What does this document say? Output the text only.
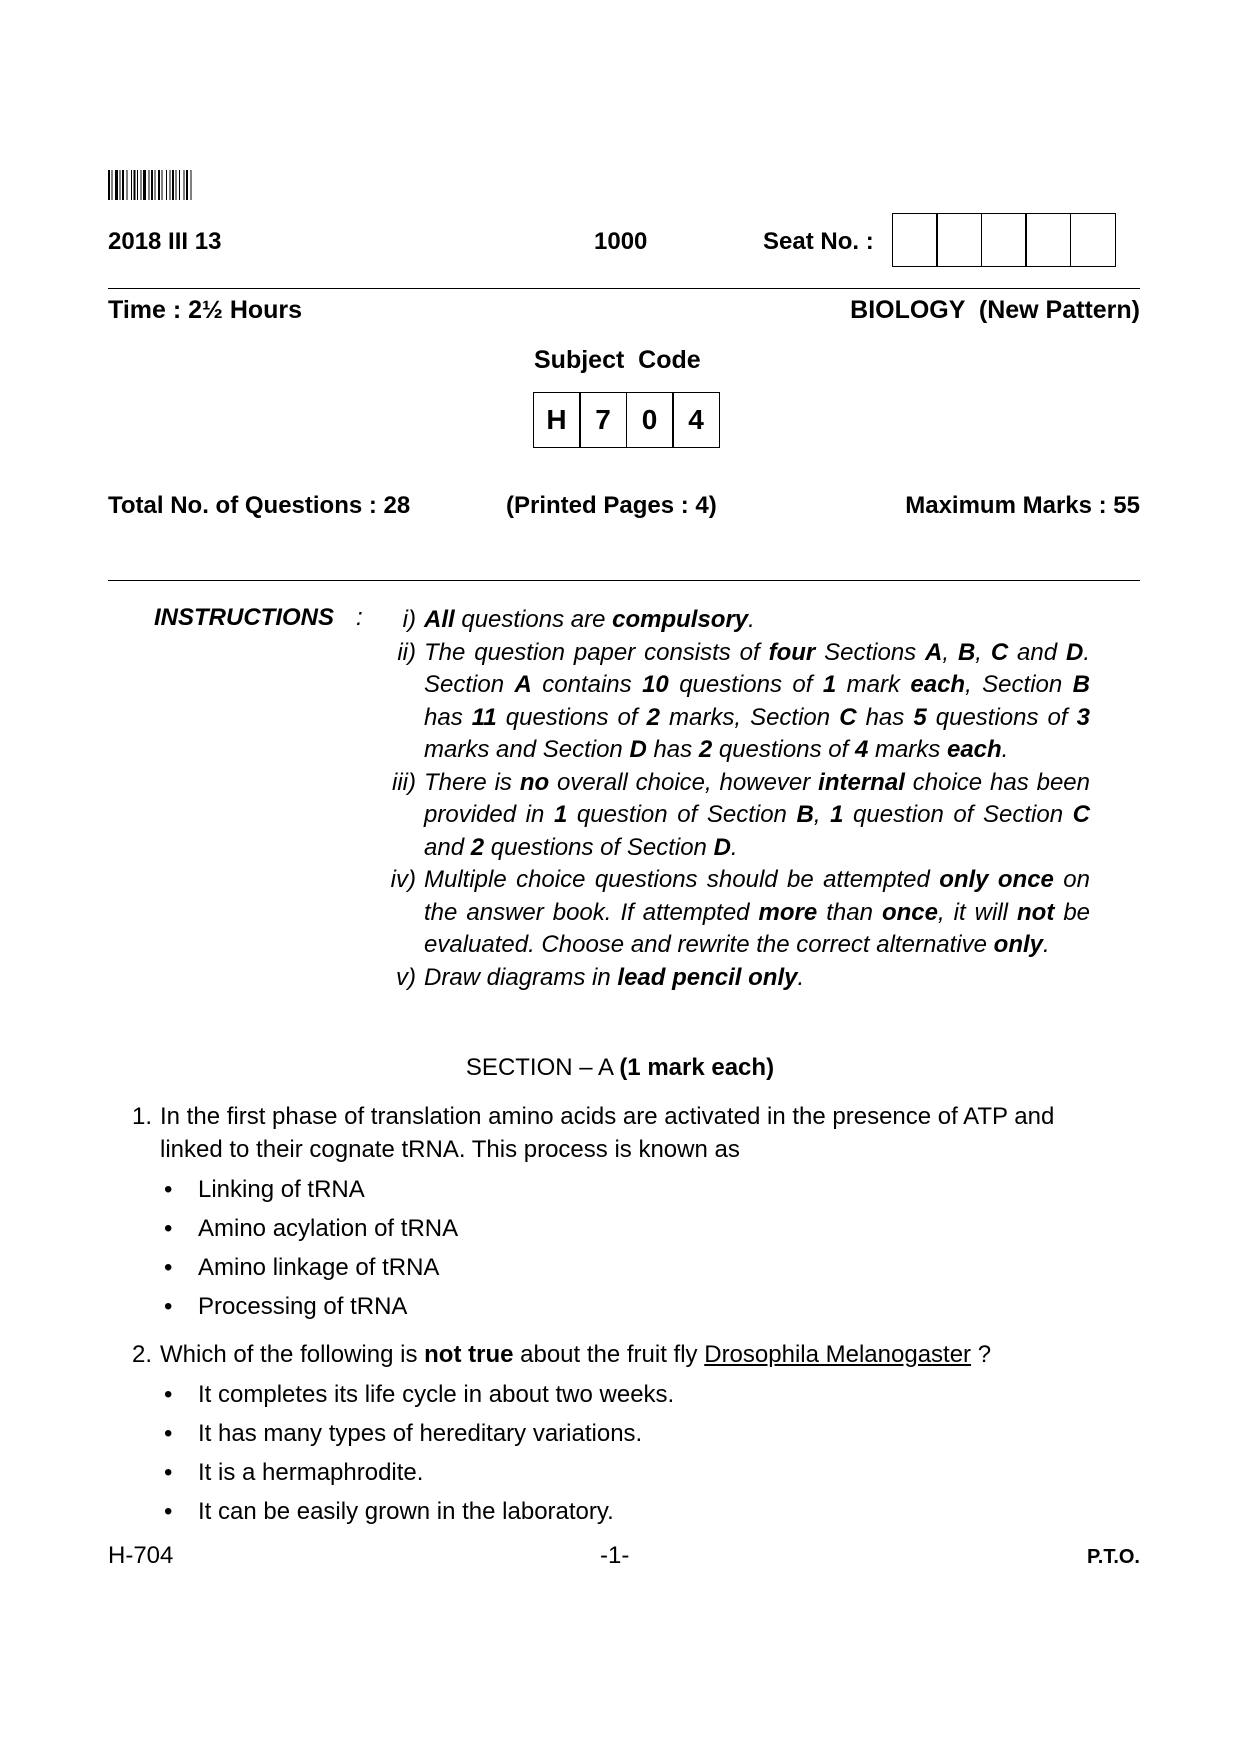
2018 III 13	1000	Seat No. :
Time : 2½ Hours	BIOLOGY  (New Pattern)
Subject  Code
H	7	0	4
Total No. of Questions : 28	(Printed Pages : 4)	Maximum Marks : 55
INSTRUCTIONS :	i) All questions are compulsory.
ii) The question paper consists of four Sections A, B, C and D. Section A contains 10 questions of 1 mark each, Section B has 11 questions of 2 marks, Section C has 5 questions of 3 marks and Section D has 2 questions of 4 marks each.
iii) There is no overall choice, however internal choice has been provided in 1 question of Section B, 1 question of Section C and 2 questions of Section D.
iv) Multiple choice questions should be attempted only once on the answer book. If attempted more than once, it will not be evaluated. Choose and rewrite the correct alternative only.
v) Draw diagrams in lead pencil only.
SECTION – A (1 mark each)
1. In the first phase of translation amino acids are activated in the presence of ATP and linked to their cognate tRNA. This process is known as
• Linking of tRNA
• Amino acylation of tRNA
• Amino linkage of tRNA
• Processing of tRNA
2. Which of the following is not true about the fruit fly Drosophila Melanogaster ?
• It completes its life cycle in about two weeks.
• It has many types of hereditary variations.
• It is a hermaphrodite.
• It can be easily grown in the laboratory.
H-704	-1-	P.T.O.
